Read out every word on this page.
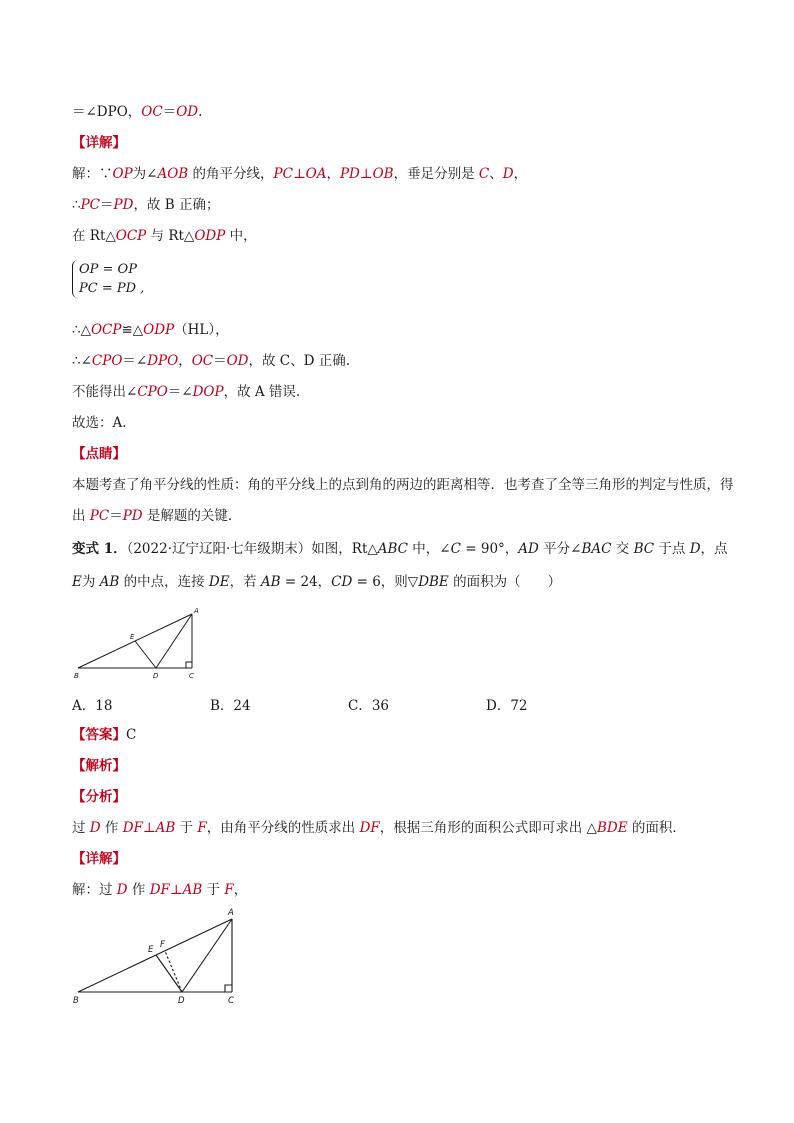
＝∠DPO，OC＝OD.
【详解】
解：∵OP为∠AOB 的角平分线，PC⊥OA，PD⊥OB，垂足分别是 C、D，
∴PC＝PD，故 B 正确；
在 Rt△OCP 与 Rt△ODP 中，
OP = OP
PC = PD ,
∴△OCP≌△ODP（HL），
∴∠CPO＝∠DPO，OC＝OD，故 C、D 正确.
不能得出∠CPO＝∠DOP，故 A 错误.
故选：A.
【点睛】
本题考查了角平分线的性质：角的平分线上的点到角的两边的距离相等．也考查了全等三角形的判定与性质，得出 PC＝PD 是解题的关键．
变式 1．（2022·辽宁辽阳·七年级期末）如图，Rt△ABC 中，∠C = 90°，AD 平分∠BAC 交 BC 于点 D，点 E为 AB 的中点，连接 DE，若 AB = 24，CD = 6，则▽DBE 的面积为（　　）
A
B	C
D
E
A．18	B．24	C．36	D．72
【答案】C
【解析】
【分析】
过 D 作 DF⊥AB 于 F，由角平分线的性质求出 DF，根据三角形的面积公式即可求出 △BDE 的面积．
【详解】
解：过 D 作 DF⊥AB 于 F，
A
B	C
D
E F
